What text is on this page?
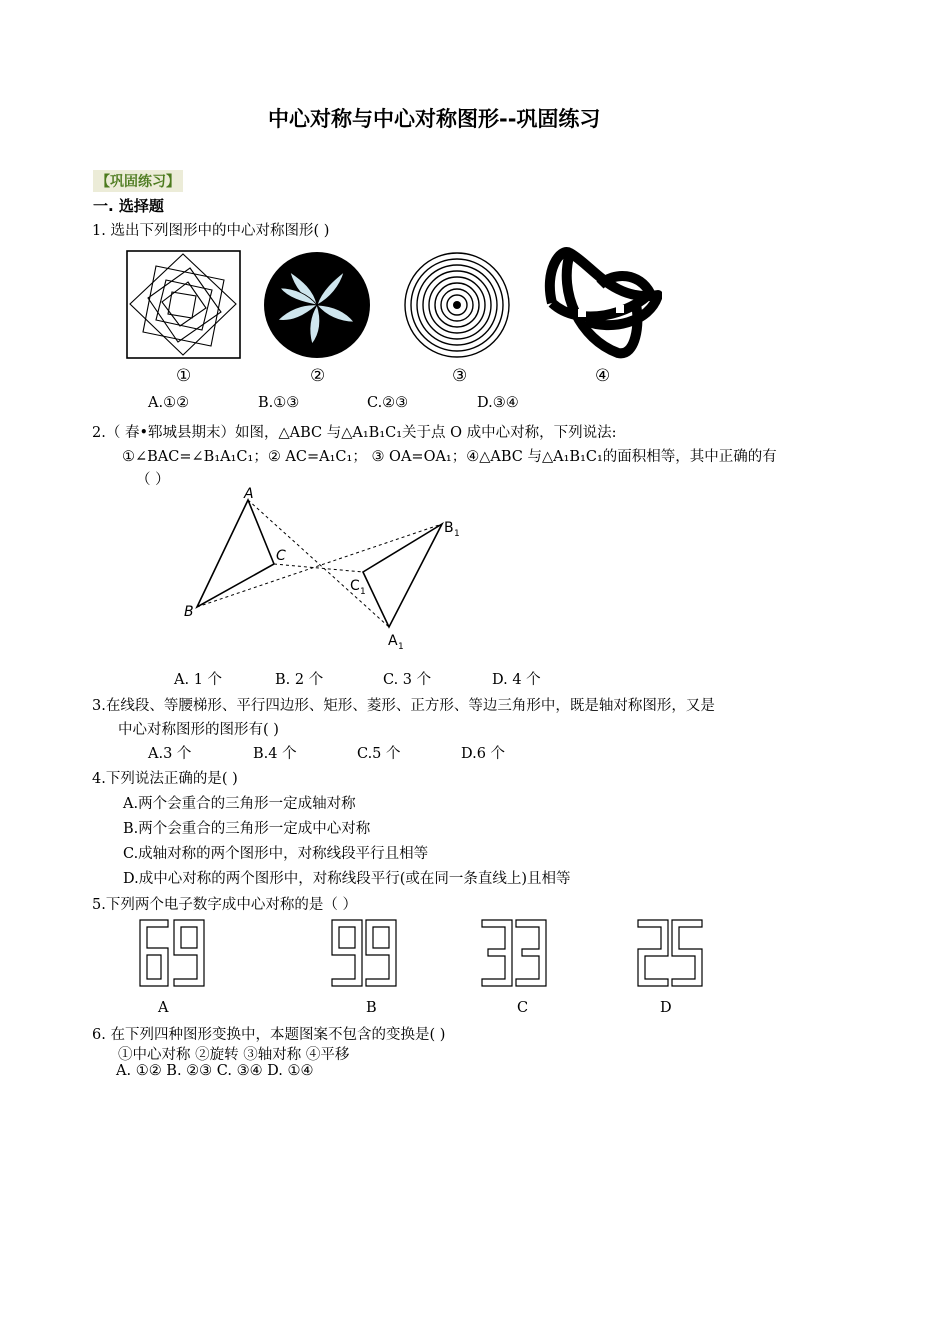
中心对称与中心对称图形--巩固练习
【巩固练习】
一. 选择题
1. 选出下列图形中的中心对称图形( )
①	②	③	④
A.①②	B.①③	C.②③	D.③④
2.（ 春•郓城县期末）如图，△ABC 与△A₁B₁C₁关于点 O 成中心对称，下列说法:
①∠BAC=∠B₁A₁C₁；② AC=A₁C₁； ③ OA=OA₁；④△ABC 与△A₁B₁C₁的面积相等，其中正确的有
（ ）
A
B
C
B 1
C 1
A 1
A. 1 个	B. 2 个	C. 3 个	D. 4 个
3.在线段、等腰梯形、平行四边形、矩形、菱形、正方形、等边三角形中，既是轴对称图形，又是
中心对称图形的图形有( )
A.3 个	B.4 个	C.5 个	D.6 个
4.下列说法正确的是( )
A.两个会重合的三角形一定成轴对称
B.两个会重合的三角形一定成中心对称
C.成轴对称的两个图形中，对称线段平行且相等
D.成中心对称的两个图形中，对称线段平行(或在同一条直线上)且相等
5.下列两个电子数字成中心对称的是（ ）
A	B	C	D
6. 在下列四种图形变换中，本题图案不包含的变换是( )
①中心对称 ②旋转 ③轴对称 ④平移
A. ①② B. ②③ C. ③④ D. ①④
